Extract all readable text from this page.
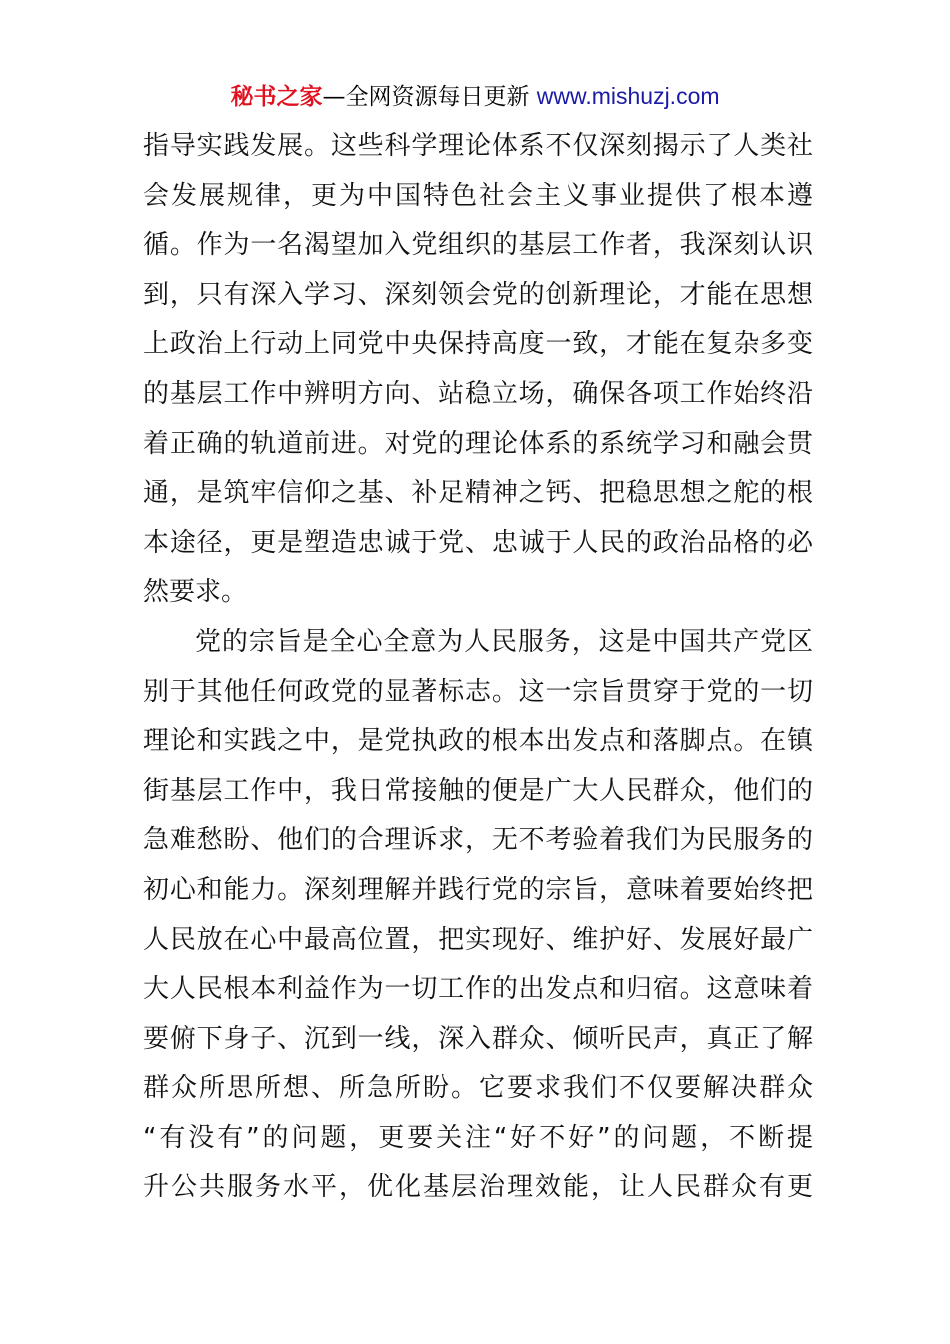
秘书之家—全网资源每日更新 www.mishuzj.com
指导实践发展。这些科学理论体系不仅深刻揭示了人类社
会发展规律，更为中国特色社会主义事业提供了根本遵
循。作为一名渴望加入党组织的基层工作者，我深刻认识
到，只有深入学习、深刻领会党的创新理论，才能在思想
上政治上行动上同党中央保持高度一致，才能在复杂多变
的基层工作中辨明方向、站稳立场，确保各项工作始终沿
着正确的轨道前进。对党的理论体系的系统学习和融会贯
通，是筑牢信仰之基、补足精神之钙、把稳思想之舵的根
本途径，更是塑造忠诚于党、忠诚于人民的政治品格的必
然要求。
党的宗旨是全心全意为人民服务，这是中国共产党区
别于其他任何政党的显著标志。这一宗旨贯穿于党的一切
理论和实践之中，是党执政的根本出发点和落脚点。在镇
街基层工作中，我日常接触的便是广大人民群众，他们的
急难愁盼、他们的合理诉求，无不考验着我们为民服务的
初心和能力。深刻理解并践行党的宗旨，意味着要始终把
人民放在心中最高位置，把实现好、维护好、发展好最广
大人民根本利益作为一切工作的出发点和归宿。这意味着
要俯下身子、沉到一线，深入群众、倾听民声，真正了解
群众所思所想、所急所盼。它要求我们不仅要解决群众
“有没有”的问题，更要关注“好不好”的问题，不断提
升公共服务水平，优化基层治理效能，让人民群众有更
